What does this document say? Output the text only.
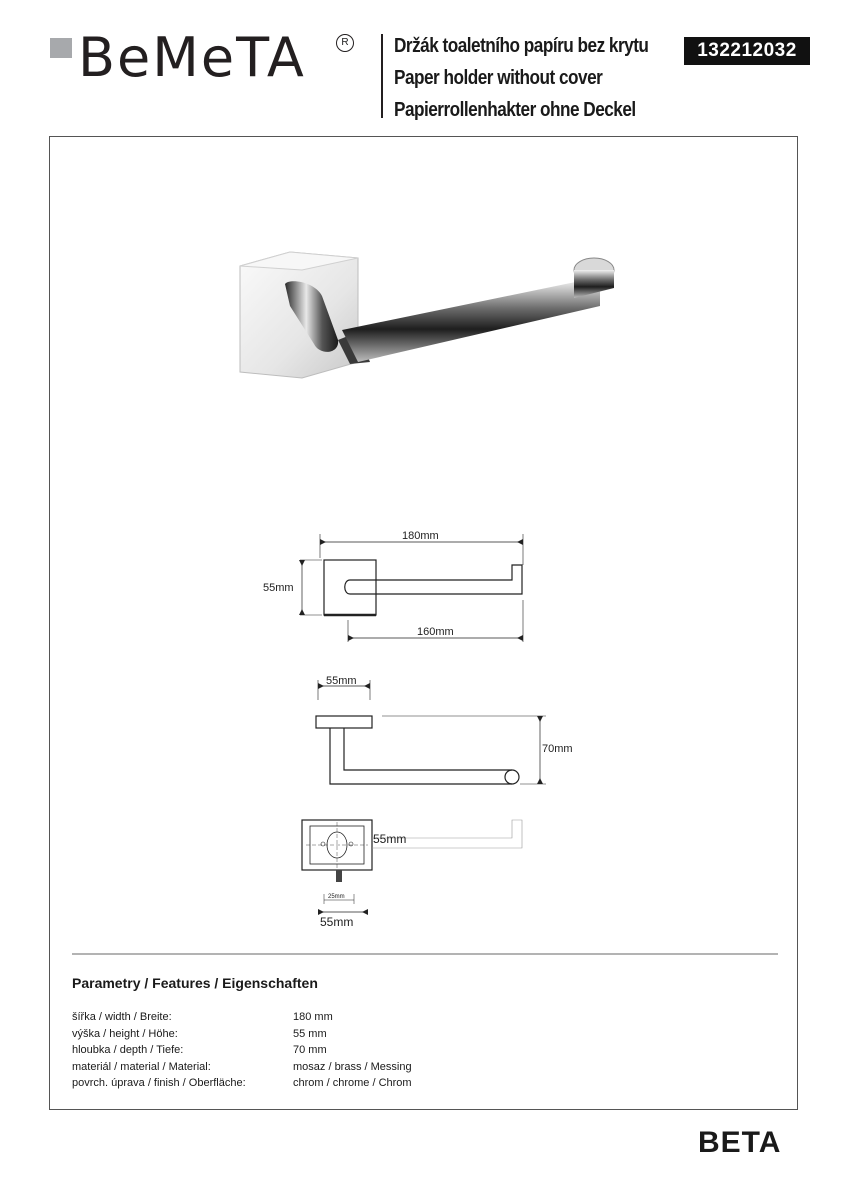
BeMeTA	R Držák toaletního papíru bez krytu
Paper holder without cover
Papierrollenhakter ohne Deckel
132212032
180mm
55mm
160mm
55mm
70mm
55mm
25mm
55mm
Parametry / Features / Eigenschaften
šířka / width / Breite:	180 mm
výška / height / Höhe:	55 mm
hloubka / depth / Tiefe:	70 mm
materiál / material / Material:	mosaz / brass / Messing
povrch. úprava / finish / Oberfläche:	chrom / chrome / Chrom
BETA
